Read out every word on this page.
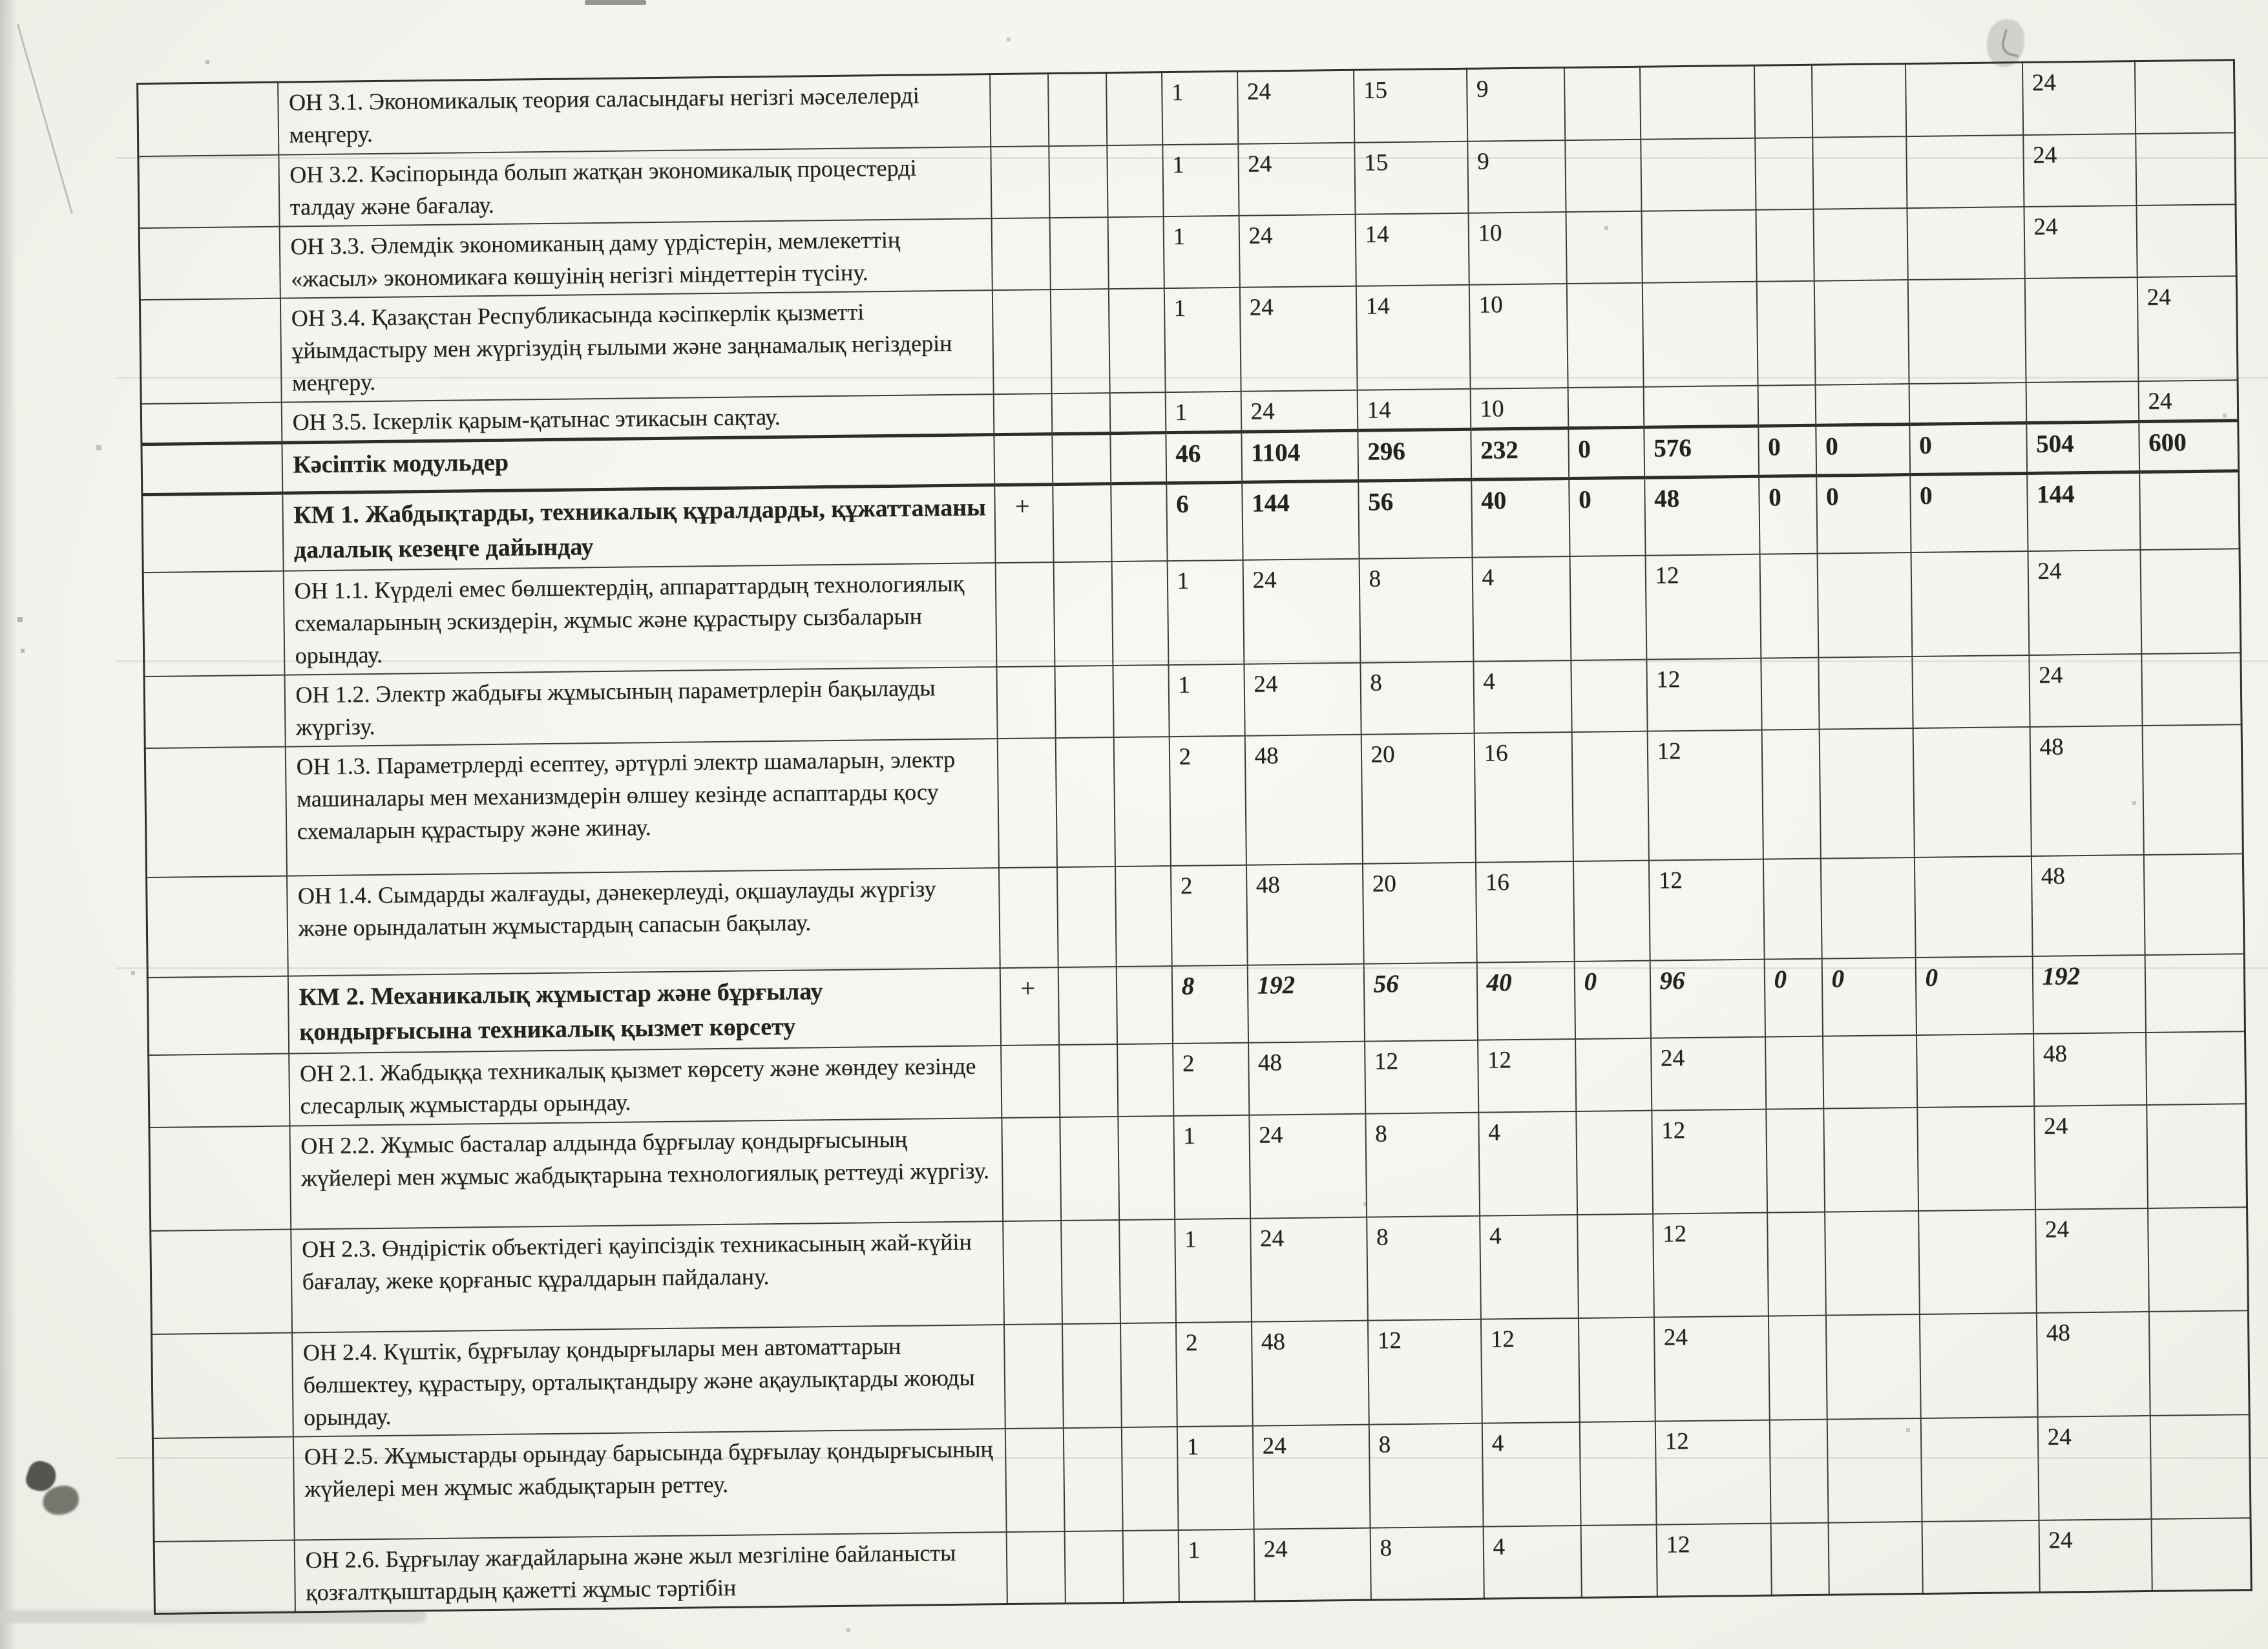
	ОН 3.1. Экономикалық теория саласындағы негізгі мәселелерді меңгеру.				1	24	15	9						24	
	ОН 3.2. Кәсіпорында болып жатқан экономикалық процестерді талдау және бағалау.				1	24	15	9						24	
	ОН 3.3. Әлемдік экономиканың даму үрдістерін, мемлекеттің «жасыл» экономикаға көшуінің негізгі міндеттерін түсіну.				1	24	14	10						24	
	ОН 3.4. Қазақстан Республикасында кәсіпкерлік қызметті ұйымдастыру мен жүргізудің ғылыми және заңнамалық негіздерін меңгеру.				1	24	14	10							24
	ОН 3.5. Іскерлік қарым-қатынас этикасын сақтау.				1	24	14	10							24
	Кәсіптік модульдер				46	1104	296	232	0	576	0	0	0	504	600
	КМ 1. Жабдықтарды, техникалық құралдарды, құжаттаманы далалық кезеңге дайындау	+			6	144	56	40	0	48	0	0	0	144	
	ОН 1.1. Күрделі емес бөлшектердің, аппараттардың технологиялық схемаларының эскиздерін, жұмыс және құрастыру сызбаларын орындау.				1	24	8	4		12				24	
	ОН 1.2. Электр жабдығы жұмысының параметрлерін бақылауды жүргізу.				1	24	8	4		12				24	
	ОН 1.3. Параметрлерді есептеу, әртүрлі электр шамаларын, электр машиналары мен механизмдерін өлшеу кезінде аспаптарды қосу схемаларын құрастыру және жинау.				2	48	20	16		12				48	
	ОН 1.4. Сымдарды жалғауды, дәнекерлеуді, оқшаулауды жүргізу және орындалатын жұмыстардың сапасын бақылау.				2	48	20	16		12				48	
	КМ 2. Механикалық жұмыстар және бұрғылау қондырғысына техникалық қызмет көрсету	+			8	192	56	40	0	96	0	0	0	192	
	ОН 2.1. Жабдыққа техникалық қызмет көрсету және жөндеу кезінде слесарлық жұмыстарды орындау.				2	48	12	12		24				48	
	ОН 2.2. Жұмыс басталар алдында бұрғылау қондырғысының жүйелері мен жұмыс жабдықтарына технологиялық реттеуді жүргізу.				1	24	8	4		12				24	
	ОН 2.3. Өндірістік объектідегі қауіпсіздік техникасының жай-күйін бағалау, жеке қорғаныс құралдарын пайдалану.				1	24	8	4		12				24	
	ОН 2.4. Күштік, бұрғылау қондырғылары мен автоматтарын бөлшектеу, құрастыру, орталықтандыру және ақаулықтарды жоюды орындау.				2	48	12	12		24				48	
	ОН 2.5. Жұмыстарды орындау барысында бұрғылау қондырғысының жүйелері мен жұмыс жабдықтарын реттеу.				1	24	8	4		12				24	
	ОН 2.6. Бұрғылау жағдайларына және жыл мезгіліне байланысты қозғалтқыштардың қажетті жұмыс тәртібін				1	24	8	4		12				24	
